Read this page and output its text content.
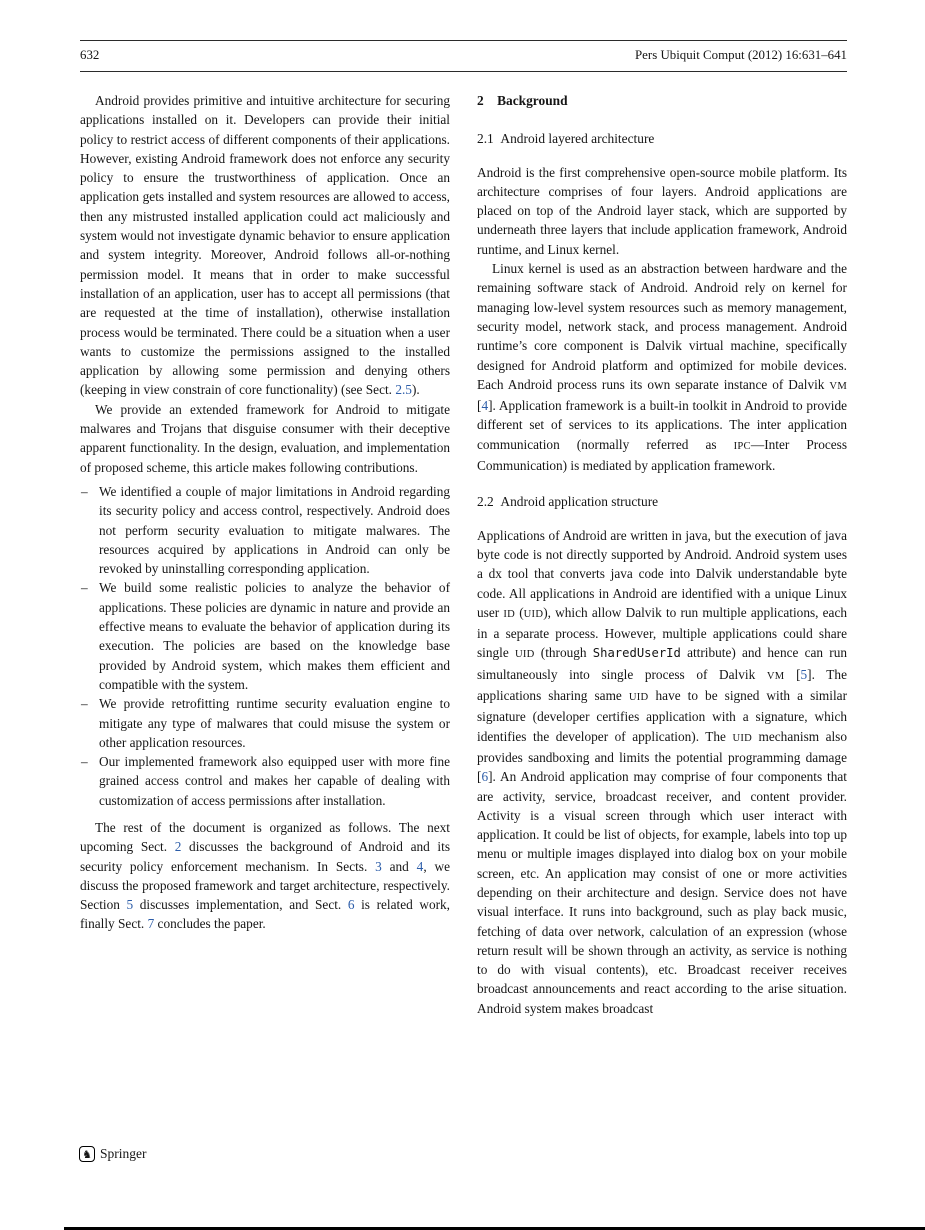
632	Pers Ubiquit Comput (2012) 16:631–641

Android provides primitive and intuitive architecture for securing applications installed on it. Developers can provide their initial policy to restrict access of different components of their applications. However, existing Android framework does not enforce any security policy to ensure the trustworthiness of application. Once an application gets installed and system resources are allowed to access, then any mistrusted installed application could act maliciously and system would not investigate dynamic behavior to ensure application and system integrity. Moreover, Android follows all-or-nothing permission model. It means that in order to make successful installation of an application, user has to accept all permissions (that are requested at the time of installation), otherwise installation process would be terminated. There could be a situation when a user wants to customize the permissions assigned to the installed application by allowing some permission and denying others (keeping in view constrain of core functionality) (see Sect. 2.5).

We provide an extended framework for Android to mitigate malwares and Trojans that disguise consumer with their deceptive apparent functionality. In the design, evaluation, and implementation of proposed scheme, this article makes following contributions.

– We identified a couple of major limitations in Android regarding its security policy and access control, respectively. Android does not perform security evaluation to mitigate malwares. The resources acquired by applications in Android can only be revoked by uninstalling corresponding application.
– We build some realistic policies to analyze the behavior of applications. These policies are dynamic in nature and provide an effective means to evaluate the behavior of application during its execution. The policies are based on the knowledge base provided by Android system, which makes them efficient and compatible with the system.
– We provide retrofitting runtime security evaluation engine to mitigate any type of malwares that could misuse the system or other application resources.
– Our implemented framework also equipped user with more fine grained access control and makes her capable of dealing with customization of access permissions after installation.

The rest of the document is organized as follows. The next upcoming Sect. 2 discusses the background of Android and its security policy enforcement mechanism. In Sects. 3 and 4, we discuss the proposed framework and target architecture, respectively. Section 5 discusses implementation, and Sect. 6 is related work, finally Sect. 7 concludes the paper.

2 Background
2.1 Android layered architecture

Android is the first comprehensive open-source mobile platform. Its architecture comprises of four layers. Android applications are placed on top of the Android layer stack, which are supported by underneath three layers that include application framework, Android runtime, and Linux kernel.

Linux kernel is used as an abstraction between hardware and the remaining software stack of Android. Android rely on kernel for managing low-level system resources such as memory management, security model, network stack, and process management. Android runtime’s core component is Dalvik virtual machine, specifically designed for Android platform and optimized for mobile devices. Each Android process runs its own separate instance of Dalvik VM [4]. Application framework is a built-in toolkit in Android to provide different set of services to its applications. The inter application communication (normally referred as IPC—Inter Process Communication) is mediated by application framework.

2.2 Android application structure

Applications of Android are written in java, but the execution of java byte code is not directly supported by Android. Android system uses a dx tool that converts java code into Dalvik understandable byte code. All applications in Android are identified with a unique Linux user ID (UID), which allow Dalvik to run multiple applications, each in a separate process. However, multiple applications could share single UID (through SharedUserId attribute) and hence can run simultaneously into single process of Dalvik VM [5]. The applications sharing same UID have to be signed with a similar signature (developer certifies application with a signature, which identifies the developer of application). The UID mechanism also provides sandboxing and limits the potential programming damage [6]. An Android application may comprise of four components that are activity, service, broadcast receiver, and content provider. Activity is a visual screen through which user interact with application. It could be list of objects, for example, labels into top up menu or multiple images displayed into dialog box on your mobile screen, etc. An application may consist of one or more activities depending on their architecture and design. Service does not have visual interface. It runs into background, such as play back music, fetching of data over network, calculation of an expression (whose return result will be shown through an activity, as service is nothing to do with visual contents), etc. Broadcast receiver receives broadcast announcements and react according to the arise situation. Android system makes broadcast

♞ Springer
